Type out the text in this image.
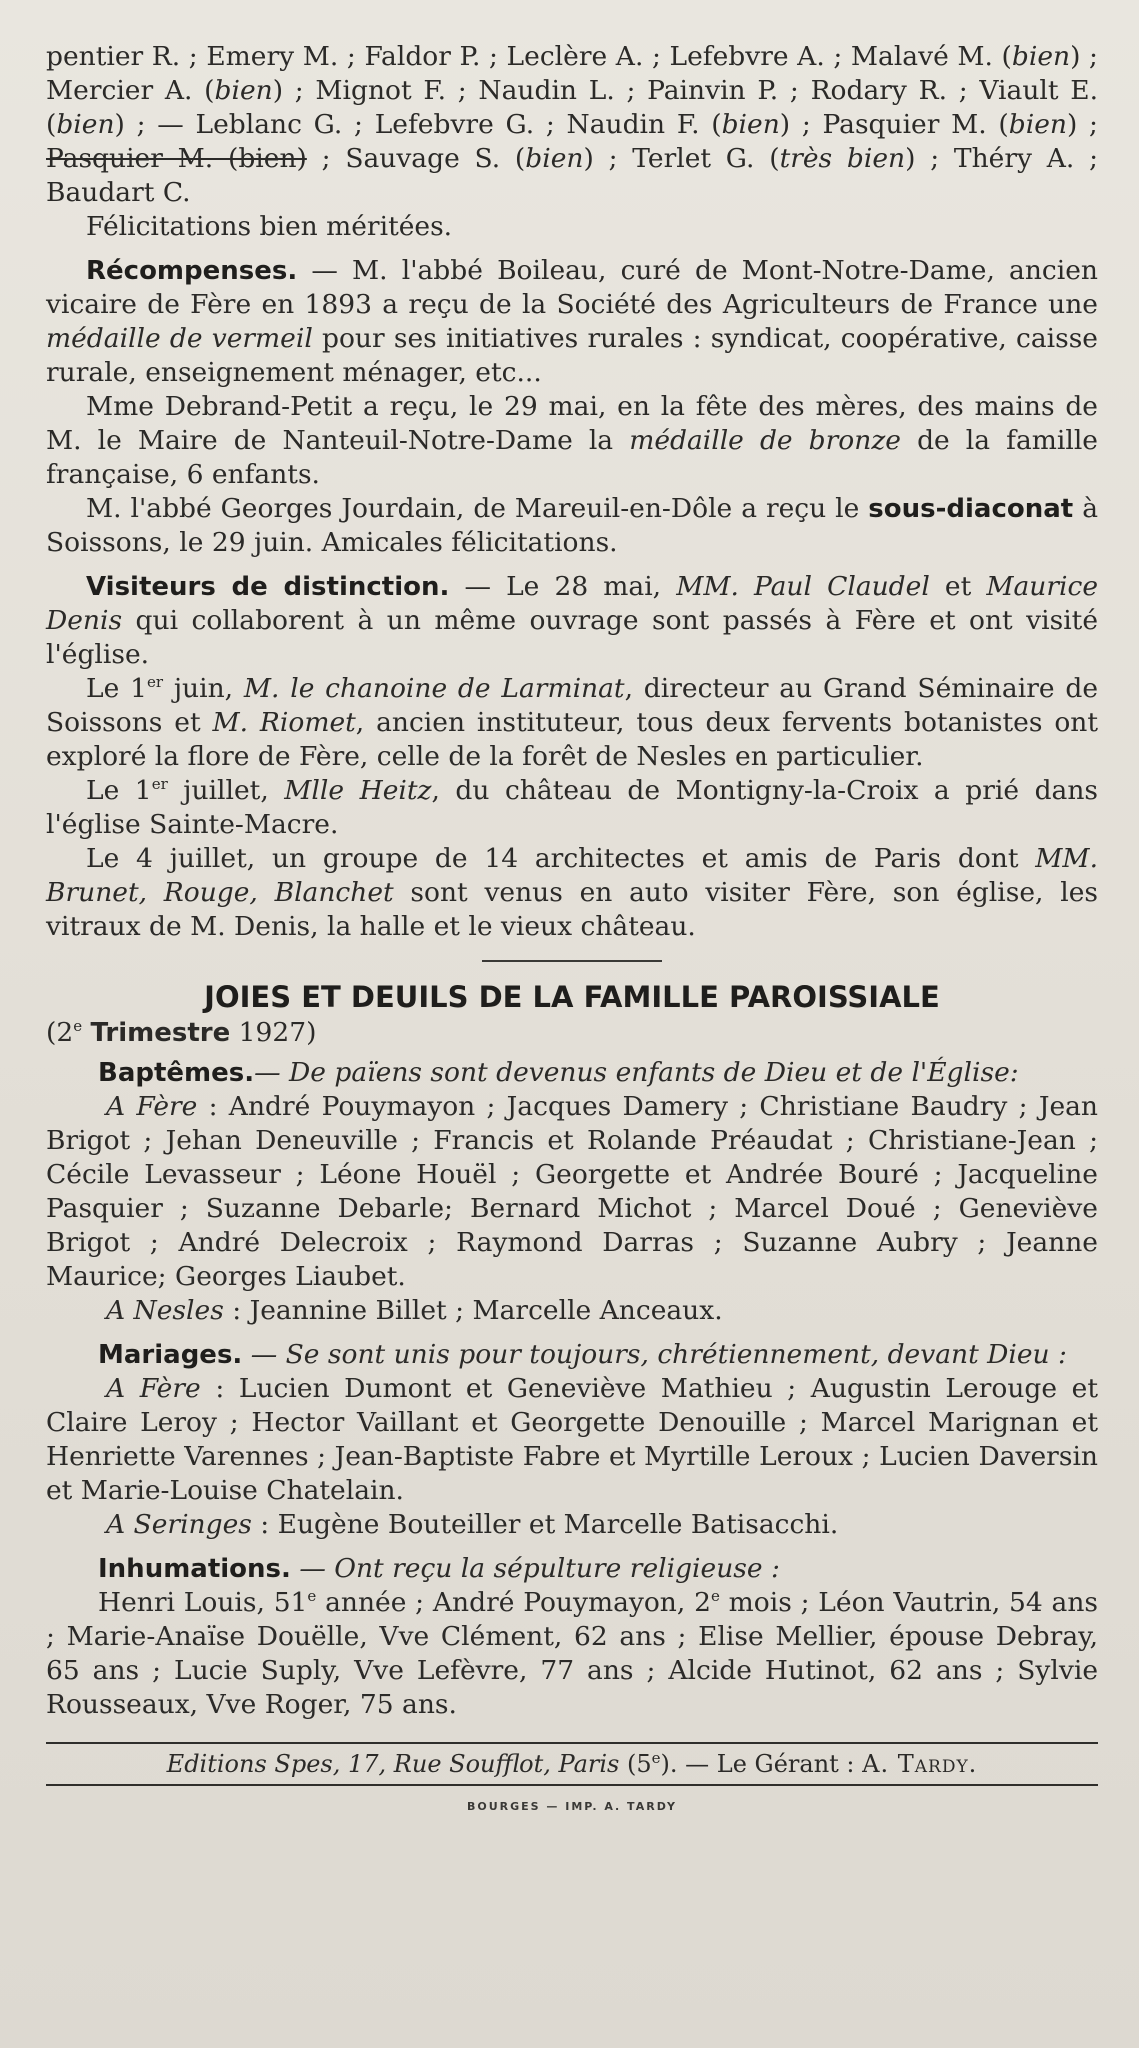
pentier R. ; Emery M. ; Faldor P. ; Leclère A. ; Lefebvre A. ; Malavé M. (bien) ; Mercier A. (bien) ; Mignot F. ; Naudin L. ; Painvin P. ; Rodary R. ; Viault E. (bien) ; — Leblanc G. ; Lefebvre G. ; Naudin F. (bien) ; Pasquier M. (bien) ; Pasquier M. (bien) ; Sauvage S. (bien) ; Terlet G. (très bien) ; Théry A. ; Baudart C.

Félicitations bien méritées.

Récompenses. — M. l'abbé Boileau, curé de Mont-Notre-Dame, ancien vicaire de Fère en 1893 a reçu de la Société des Agriculteurs de France une médaille de vermeil pour ses initiatives rurales : syndicat, coopérative, caisse rurale, enseignement ménager, etc...

Mme Debrand-Petit a reçu, le 29 mai, en la fête des mères, des mains de M. le Maire de Nanteuil-Notre-Dame la médaille de bronze de la famille française, 6 enfants.

M. l'abbé Georges Jourdain, de Mareuil-en-Dôle a reçu le sous-diaconat à Soissons, le 29 juin. Amicales félicitations.

Visiteurs de distinction. — Le 28 mai, MM. Paul Claudel et Maurice Denis qui collaborent à un même ouvrage sont passés à Fère et ont visité l'église.

Le 1er juin, M. le chanoine de Larminat, directeur au Grand Séminaire de Soissons et M. Riomet, ancien instituteur, tous deux fervents botanistes ont exploré la flore de Fère, celle de la forêt de Nesles en particulier.

Le 1er juillet, Mlle Heitz, du château de Montigny-la-Croix a prié dans l'église Sainte-Macre.

Le 4 juillet, un groupe de 14 architectes et amis de Paris dont MM. Brunet, Rouge, Blanchet sont venus en auto visiter Fère, son église, les vitraux de M. Denis, la halle et le vieux château.

JOIES ET DEUILS DE LA FAMILLE PAROISSIALE

(2e Trimestre 1927)

Baptêmes.— De païens sont devenus enfants de Dieu et de l'Église:

A Fère : André Pouymayon ; Jacques Damery ; Christiane Baudry ; Jean Brigot ; Jehan Deneuville ; Francis et Rolande Préaudat ; Christiane-Jean ; Cécile Levasseur ; Léone Houël ; Georgette et Andrée Bouré ; Jacqueline Pasquier ; Suzanne Debarle; Bernard Michot ; Marcel Doué ; Geneviève Brigot ; André Delecroix ; Raymond Darras ; Suzanne Aubry ; Jeanne Maurice; Georges Liaubet.

A Nesles : Jeannine Billet ; Marcelle Anceaux.

Mariages. — Se sont unis pour toujours, chrétiennement, devant Dieu :

A Fère : Lucien Dumont et Geneviève Mathieu ; Augustin Lerouge et Claire Leroy ; Hector Vaillant et Georgette Denouille ; Marcel Marignan et Henriette Varennes ; Jean-Baptiste Fabre et Myrtille Leroux ; Lucien Daversin et Marie-Louise Chatelain.

A Seringes : Eugène Bouteiller et Marcelle Batisacchi.

Inhumations. — Ont reçu la sépulture religieuse :

Henri Louis, 51e année ; André Pouymayon, 2e mois ; Léon Vautrin, 54 ans ; Marie-Anaïse Douëlle, Vve Clément, 62 ans ; Elise Mellier, épouse Debray, 65 ans ; Lucie Suply, Vve Lefèvre, 77 ans ; Alcide Hutinot, 62 ans ; Sylvie Rousseaux, Vve Roger, 75 ans.

Editions Spes, 17, Rue Soufflot, Paris (5e). — Le Gérant : A. Tardy.
BOURGES — IMP. A. TARDY
